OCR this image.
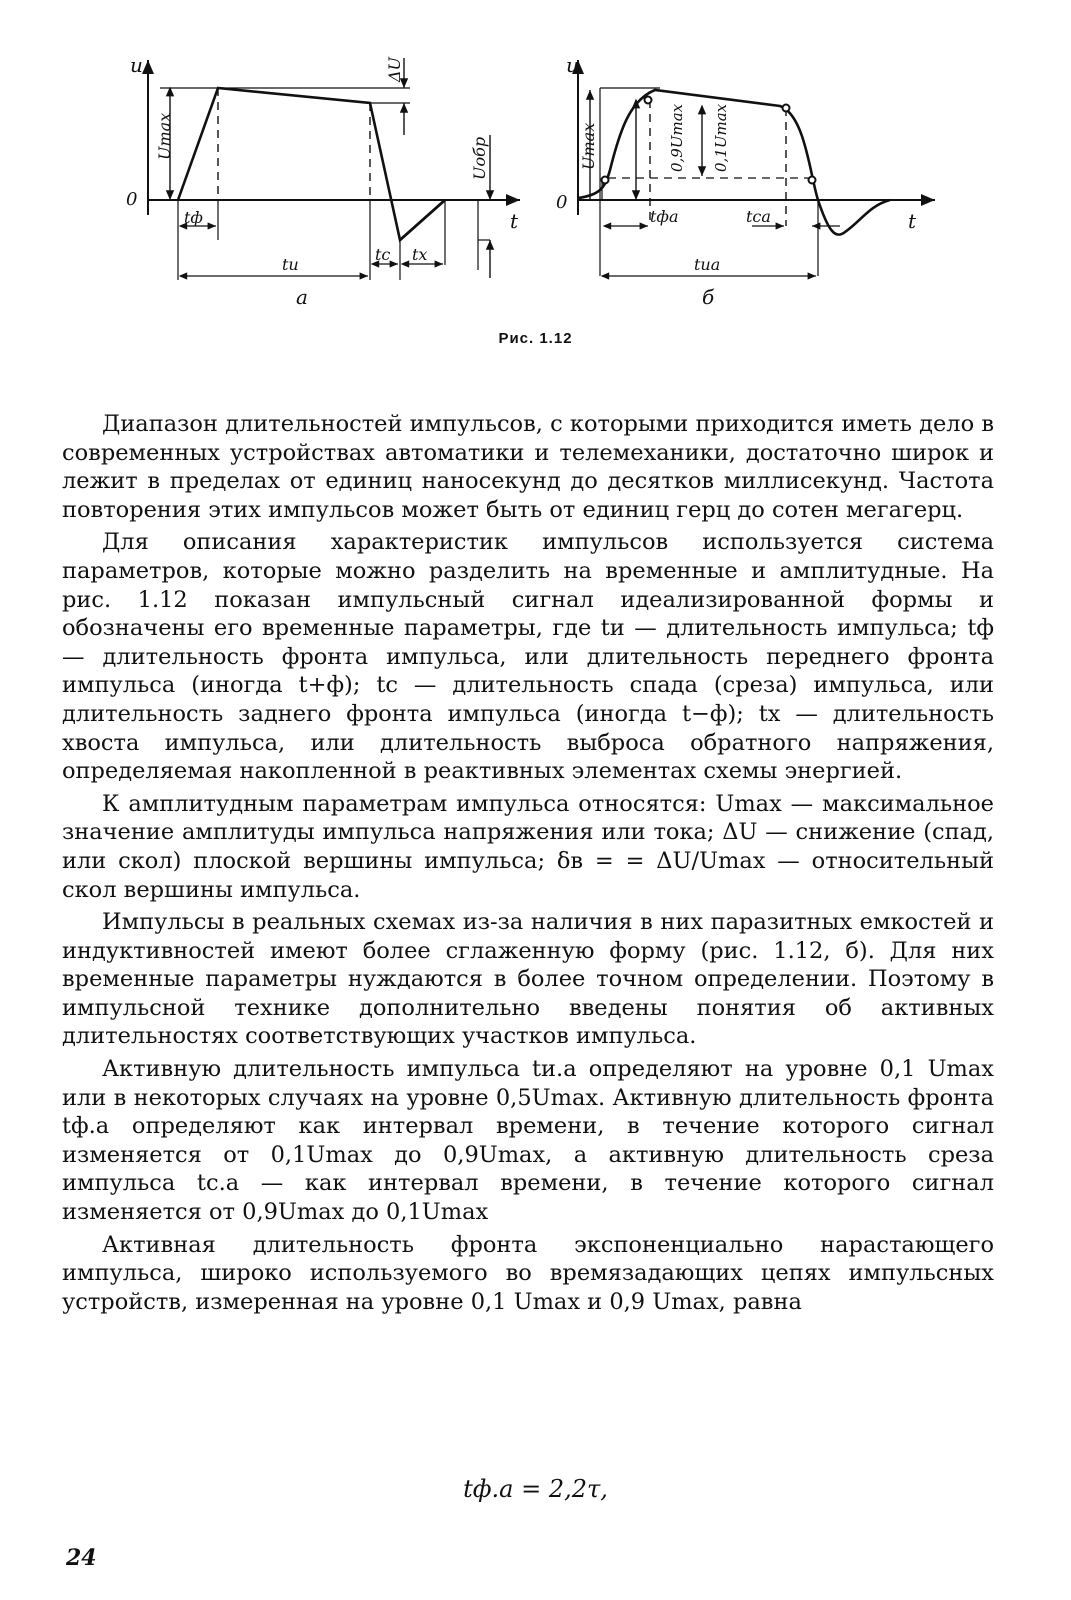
u
t
0
Umax
ΔU
Uобр
tф
tи
tс tх
а
u
t
0
Umax	0,9Umax 0,1Umax
tфа	tса
tиа
б
Рис. 1.12

Диапазон длительностей импульсов, с которыми приходится иметь дело в современных устройствах автоматики и телемеханики, достаточно широк и лежит в пределах от единиц наносекунд до десятков миллисекунд. Частота повторения этих импульсов может быть от единиц герц до сотен мегагерц.

Для описания характеристик импульсов используется система параметров, которые можно разделить на временные и амплитудные. На рис. 1.12 показан импульсный сигнал идеализированной формы и обозначены его временные параметры, где tи — длительность импульса; tф — длительность фронта импульса, или длительность переднего фронта импульса (иногда t+ф); tс — длительность спада (среза) импульса, или длительность заднего фронта импульса (иногда t−ф); tх — длительность хвоста импульса, или длительность выброса обратного напряжения, определяемая накопленной в реактивных элементах схемы энергией.

К амплитудным параметрам импульса относятся: Umax — максимальное значение амплитуды импульса напряжения или тока; ΔU — снижение (спад, или скол) плоской вершины импульса; δв = = ΔU/Umax — относительный скол вершины импульса.

Импульсы в реальных схемах из-за наличия в них паразитных емкостей и индуктивностей имеют более сглаженную форму (рис. 1.12, б). Для них временные параметры нуждаются в более точном определении. Поэтому в импульсной технике дополнительно введены понятия об активных длительностях соответствующих участков импульса.

Активную длительность импульса tи.а определяют на уровне 0,1 Umax или в некоторых случаях на уровне 0,5Umax. Активную длительность фронта tф.а определяют как интервал времени, в течение которого сигнал изменяется от 0,1Umax до 0,9Umax, а активную длительность среза импульса tс.а — как интервал времени, в течение которого сигнал изменяется от 0,9Umax до 0,1Umax

Активная длительность фронта экспоненциально нарастающего импульса, широко используемого во времязадающих цепях импульсных устройств, измеренная на уровне 0,1 Umax и 0,9 Umax, равна

tф.а = 2,2τ,
24
